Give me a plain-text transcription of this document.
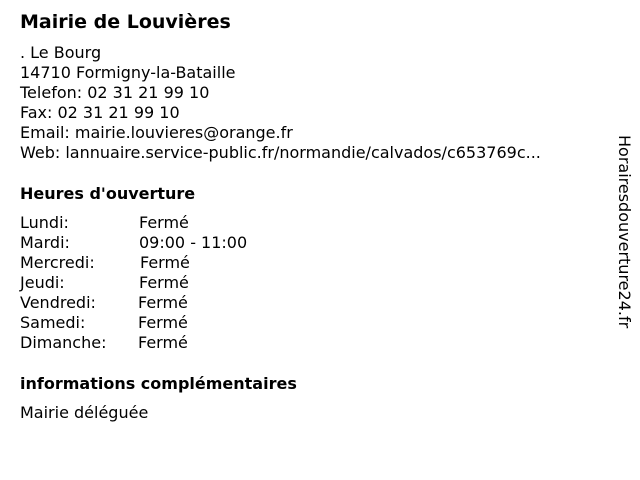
Mairie de Louvières
. Le Bourg
14710 Formigny-la-Bataille
Telefon: 02 31 21 99 10
Fax: 02 31 21 99 10
Email: mairie.louvieres@orange.fr
Web: lannuaire.service-public.fr/normandie/calvados/c653769c...
Heures d'ouverture
Lundi:	Fermé
Mardi:	09:00 - 11:00
Mercredi:	Fermé
Jeudi:	Fermé
Vendredi:	Fermé
Samedi:	Fermé
Dimanche: Fermé
informations complémentaires
Mairie déléguée
Horairesdouverture24.fr
